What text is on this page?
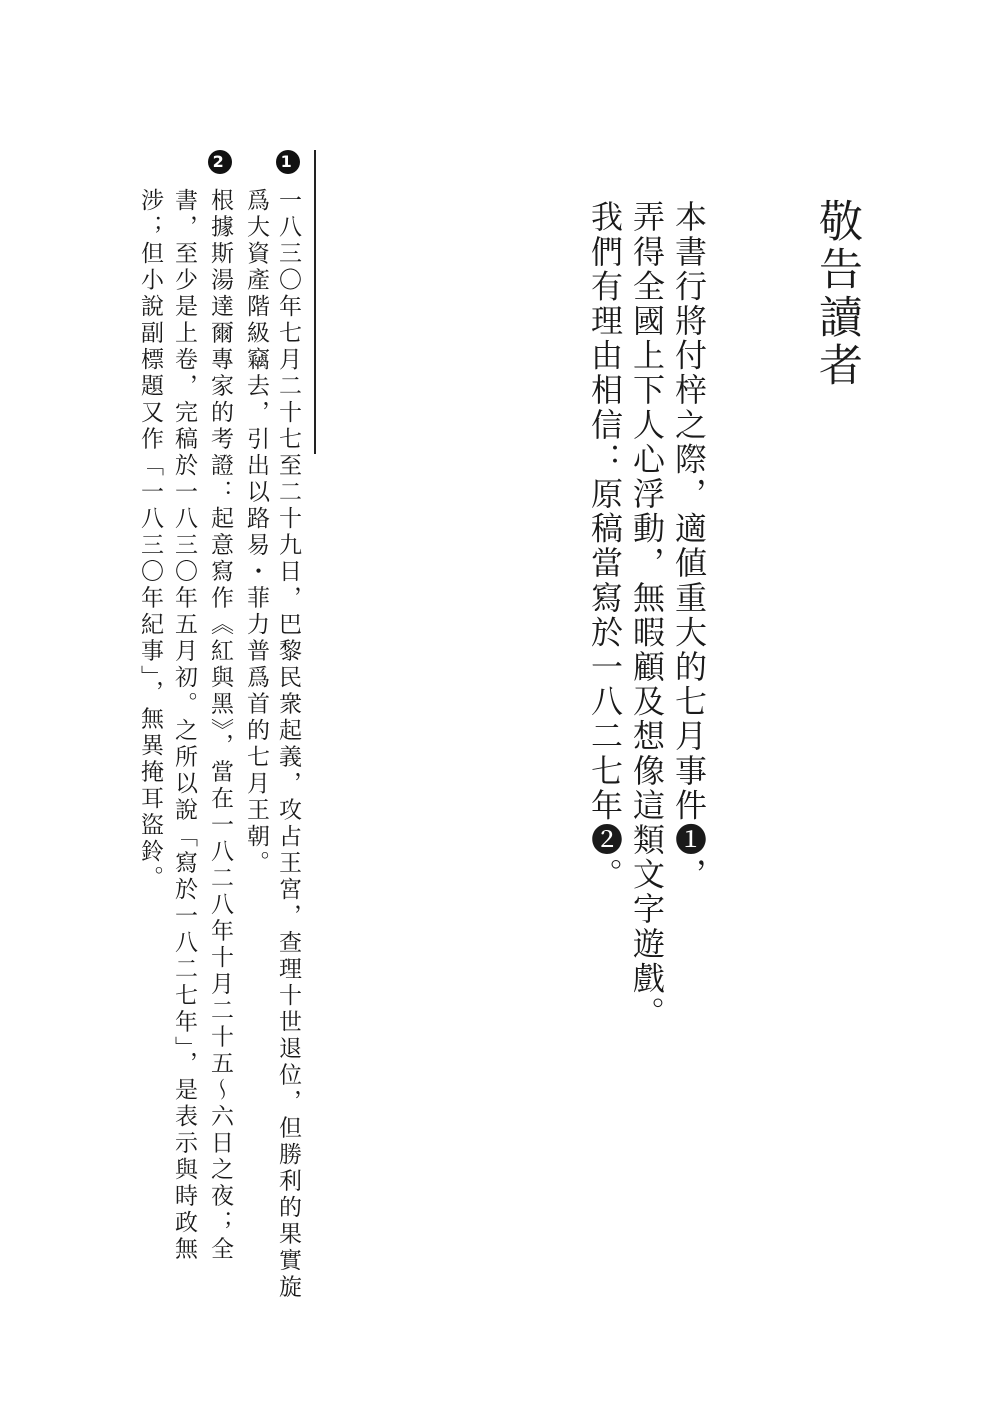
敬告讀者
本書行將付梓之際，適値重大的七月事件❶，
弄得全國上下人心浮動，無暇顧及想像這類文字遊戲。
我們有理由相信：原稿當寫於一八二七年❷。
1一八三〇年七月二十七至二十九日，巴黎民衆起義，攻占王宮，查理十世退位，但勝利的果實旋
爲大資產階級竊去，引出以路易・菲力普爲首的七月王朝。
2根據斯湯達爾專家的考證：起意寫作《紅與黑》，當在一八二八年十月二十五～六日之夜；全
書，至少是上卷，完稿於一八三〇年五月初。之所以說「寫於一八二七年」，是表示與時政無
涉；但小說副標題又作「一八三〇年紀事」，無異掩耳盜鈴。
